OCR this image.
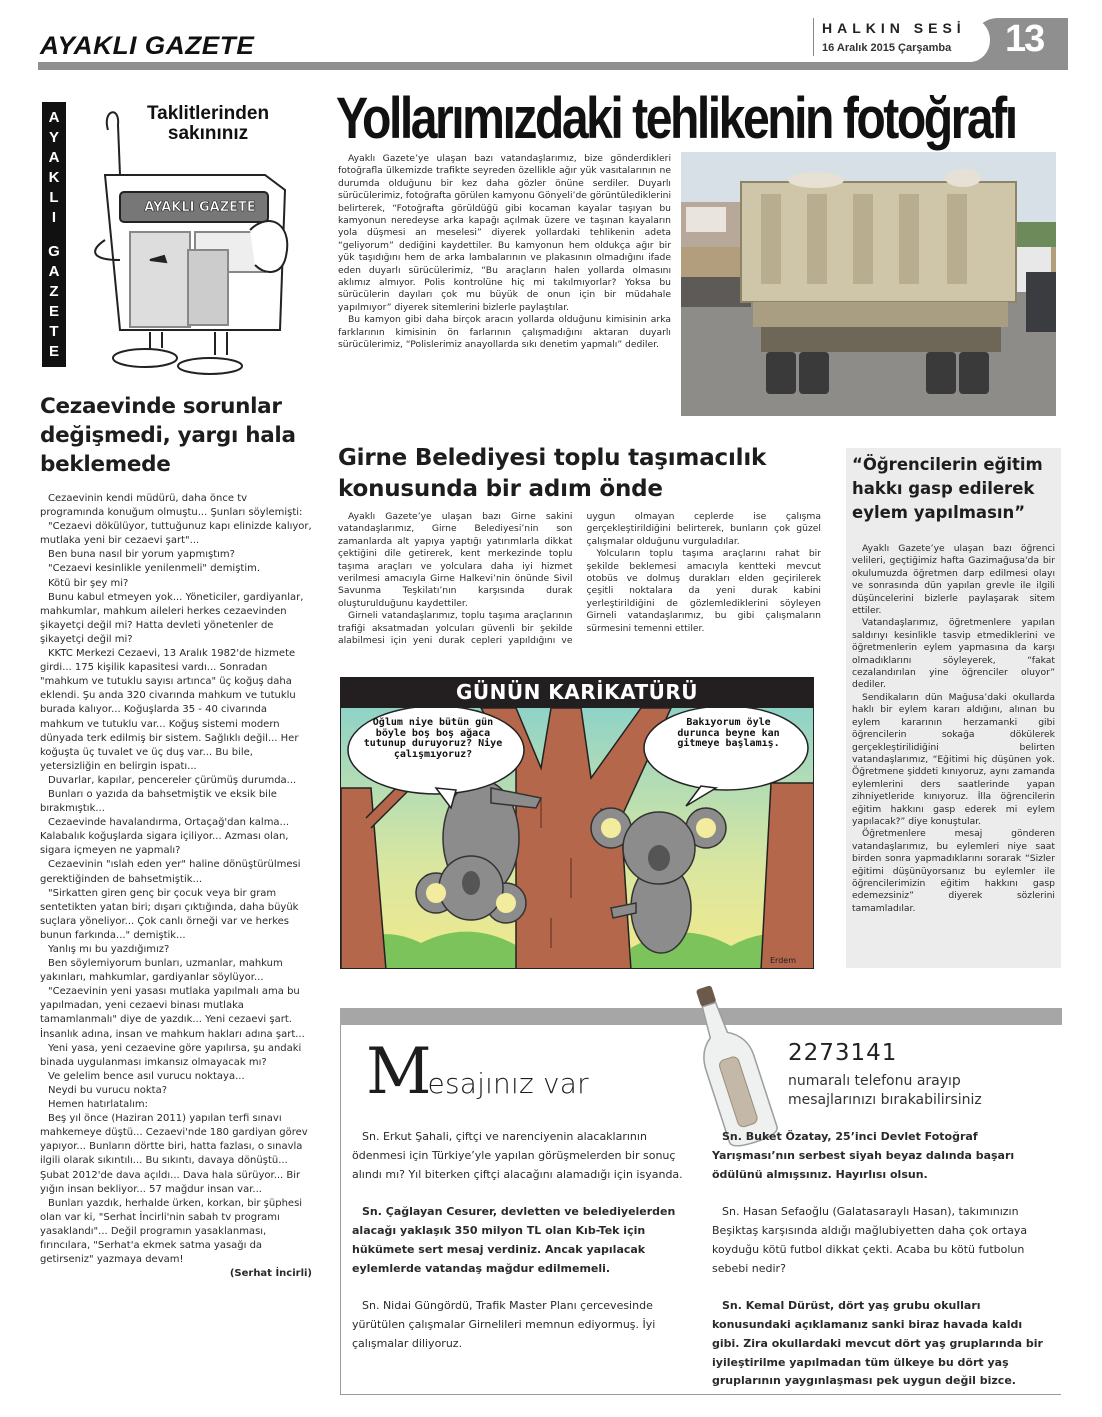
AYAKLI GAZETE
HALKIN SESİ
16 Aralık 2015 Çarşamba 13
A
Y
A
K
L
I
G
A
Z
E
T
E
AYAKLI GAZETE
Taklitlerinden sakınınız	Yollarımızdaki tehlikenin fotoğrafı

Ayaklı Gazete’ye ulaşan bazı vatandaşlarımız, bize gönderdikleri fotoğrafla ülkemizde trafikte seyreden özellikle ağır yük vasıtalarının ne durumda olduğunu bir kez daha gözler önüne serdiler. Duyarlı sürücülerimiz, fotoğrafta görülen kamyonu Gönyeli’de görüntülediklerini belirterek, “Fotoğrafta görüldüğü gibi kocaman kayalar taşıyan bu kamyonun neredeyse arka kapağı açılmak üzere ve taşınan kayaların yola düşmesi an meselesi” diyerek yollardaki tehlikenin adeta “geliyorum” dediğini kaydettiler. Bu kamyonun hem oldukça ağır bir yük taşıdığını hem de arka lambalarının ve plakasının olmadığını ifade eden duyarlı sürücülerimiz, “Bu araçların halen yollarda olmasını aklımız almıyor. Polis kontrolüne hiç mi takılmıyorlar? Yoksa bu sürücülerin dayıları çok mu büyük de onun için bir müdahale yapılmıyor” diyerek sitemlerini bizlerle paylaştılar.

Bu kamyon gibi daha birçok aracın yollarda olduğunu kimisinin arka farklarının kimisinin ön farlarının çalışmadığını aktaran duyarlı sürücülerimiz, “Polislerimiz anayollarda sıkı denetim yapmalı” dediler.

Cezaevinde sorunlar değişmedi, yargı hala beklemede

Cezaevinin kendi müdürü, daha önce tv programında konuğum olmuştu... Şunları söylemişti:

"Cezaevi dökülüyor, tuttuğunuz kapı elinizde kalıyor, mutlaka yeni bir cezaevi şart"...

Ben buna nasıl bir yorum yapmıştım?

"Cezaevi kesinlikle yenilenmeli" demiştim.

Kötü bir şey mi?

Bunu kabul etmeyen yok... Yöneticiler, gardiyanlar, mahkumlar, mahkum aileleri herkes cezaevinden şikayetçi değil mi? Hatta devleti yönetenler de şikayetçi değil mi?

KKTC Merkezi Cezaevi, 13 Aralık 1982'de hizmete girdi... 175 kişilik kapasitesi vardı... Sonradan "mahkum ve tutuklu sayısı artınca" üç koğuş daha eklendi. Şu anda 320 civarında mahkum ve tutuklu burada kalıyor... Koğuşlarda 35 - 40 civarında mahkum ve tutuklu var... Koğuş sistemi modern dünyada terk edilmiş bir sistem. Sağlıklı değil... Her koğuşta üç tuvalet ve üç duş var... Bu bile, yetersizliğin en belirgin ispatı...

Duvarlar, kapılar, pencereler çürümüş durumda...

Bunları o yazıda da bahsetmiştik ve eksik bile bırakmıştık...

Cezaevinde havalandırma, Ortaçağ'dan kalma... Kalabalık koğuşlarda sigara içiliyor... Azması olan, sigara içmeyen ne yapmalı?

Cezaevinin "ıslah eden yer" haline dönüştürülmesi gerektiğinden de bahsetmiştik...

"Sirkatten giren genç bir çocuk veya bir gram sentetikten yatan biri; dışarı çıktığında, daha büyük suçlara yöneliyor... Çok canlı örneği var ve herkes bunun farkında..." demiştik...

Yanlış mı bu yazdığımız?

Ben söylemiyorum bunları, uzmanlar, mahkum yakınları, mahkumlar, gardiyanlar söylüyor...

"Cezaevinin yeni yasası mutlaka yapılmalı ama bu yapılmadan, yeni cezaevi binası mutlaka tamamlanmalı" diye de yazdık... Yeni cezaevi şart. İnsanlık adına, insan ve mahkum hakları adına şart...

Yeni yasa, yeni cezaevine göre yapılırsa, şu andaki binada uygulanması imkansız olmayacak mı?

Ve gelelim bence asıl vurucu noktaya...

Neydi bu vurucu nokta?

Hemen hatırlatalım:

Beş yıl önce (Haziran 2011) yapılan terfi sınavı mahkemeye düştü... Cezaevi'nde 180 gardiyan görev yapıyor... Bunların dörtte biri, hatta fazlası, o sınavla ilgili olarak sıkıntılı... Bu sıkıntı, davaya dönüştü... Şubat 2012'de dava açıldı... Dava hala sürüyor... Bir yığın insan bekliyor... 57 mağdur insan var...

Bunları yazdık, herhalde ürken, korkan, bir şüphesi olan var ki, "Serhat İncirli'nin sabah tv programı yasaklandı"... Değil programın yasaklanması, fırıncılara, "Serhat'a ekmek satma yasağı da getirseniz" yazmaya devam!

(Serhat İncirli)

Girne Belediyesi toplu taşımacılık konusunda bir adım önde

Ayaklı Gazete’ye ulaşan bazı Girne sakini vatandaşlarımız, Girne Belediyesi’nin son zamanlarda alt yapıya yaptığı yatırımlarla dikkat çektiğini dile getirerek, kent merkezinde toplu taşıma araçları ve yolculara daha iyi hizmet verilmesi amacıyla Girne Halkevi’nin önünde Sivil Savunma Teşkilatı’nın karşısında durak oluşturulduğunu kaydettiler.

Girneli vatandaşlarımız, toplu taşıma araçlarının trafiği aksatmadan yolcuları güvenli bir şekilde alabilmesi için yeni durak cepleri yapıldığını ve uygun olmayan ceplerde ise çalışma gerçekleştirildiğini belirterek, bunların çok güzel çalışmalar olduğunu vurguladılar.

Yolcuların toplu taşıma araçlarını rahat bir şekilde beklemesi amacıyla kentteki mevcut otobüs ve dolmuş durakları elden geçirilerek çeşitli noktalara da yeni durak kabini yerleştirildiğini de gözlemlediklerini söyleyen Girneli vatandaşlarımız, bu gibi çalışmaların sürmesini temenni ettiler.

“Öğrencilerin eğitim hakkı gasp edilerek eylem yapılmasın”

Ayaklı Gazete’ye ulaşan bazı öğrenci velileri, geçtiğimiz hafta Gazimağusa'da bir okulumuzda öğretmen darp edilmesi olayı ve sonrasında dün yapılan grevle ile ilgili düşüncelerini bizlerle paylaşarak sitem ettiler.

Vatandaşlarımız, öğretmenlere yapılan saldırıyı kesinlikle tasvip etmediklerini ve öğretmenlerin eylem yapmasına da karşı olmadıklarını söyleyerek, “fakat cezalandırılan yine öğrenciler oluyor” dediler.

Sendikaların dün Mağusa’daki okullarda haklı bir eylem kararı aldığını, alınan bu eylem kararının herzamanki gibi öğrencilerin sokağa dökülerek gerçekleştirilidiğini belirten vatandaşlarımız, “Eğitimi hiç düşünen yok. Öğretmene şiddeti kınıyoruz, aynı zamanda eylemlerini ders saatlerinde yapan zihniyetleride kınıyoruz. İlla öğrencilerin eğitim hakkını gasp ederek mi eylem yapılacak?” diye konuştular.

Öğretmenlere mesaj gönderen vatandaşlarımız, bu eylemleri niye saat birden sonra yapmadıklarını sorarak “Sizler eğitimi düşünüyorsanız bu eylemler ile öğrencilerimizin eğitim hakkını gasp edemezsiniz” diyerek sözlerini tamamladılar.

GÜNÜN KARİKATÜRÜ
Erdem
Oğlum niye bütün gün böyle boş boş ağaca tutunup duruyoruz? Niye çalışmıyoruz?
Bakıyorum öyle durunca beyne kan gitmeye başlamış.
Mesajınız var
2273141
numaralı telefonu arayıp mesajlarınızı bırakabilirsiniz

Sn. Erkut Şahali, çiftçi ve narenciyenin alacaklarının ödenmesi için Türkiye’yle yapılan görüşmelerden bir sonuç alındı mı? Yıl biterken çiftçi alacağını alamadığı için isyanda.

Sn. Çağlayan Cesurer, devletten ve belediyelerden alacağı yaklaşık 350 milyon TL olan Kıb-Tek için hükümete sert mesaj verdiniz. Ancak yapılacak eylemlerde vatandaş mağdur edilmemeli.

Sn. Nidai Güngördü, Trafik Master Planı çercevesinde yürütülen çalışmalar Girnelileri memnun ediyormuş. İyi çalışmalar diliyoruz.

Sn. Buket Özatay, 25’inci Devlet Fotoğraf Yarışması’nın serbest siyah beyaz dalında başarı ödülünü almışsınız. Hayırlısı olsun.

Sn. Hasan Sefaoğlu (Galatasaraylı Hasan), takımınızın Beşiktaş karşısında aldığı mağlubiyetten daha çok ortaya koyduğu kötü futbol dikkat çekti. Acaba bu kötü futbolun sebebi nedir?

Sn. Kemal Dürüst, dört yaş grubu okulları konusundaki açıklamanız sanki biraz havada kaldı gibi. Zira okullardaki mevcut dört yaş gruplarında bir iyileştirilme yapılmadan tüm ülkeye bu dört yaş gruplarının yaygınlaşması pek uygun değil bizce.
